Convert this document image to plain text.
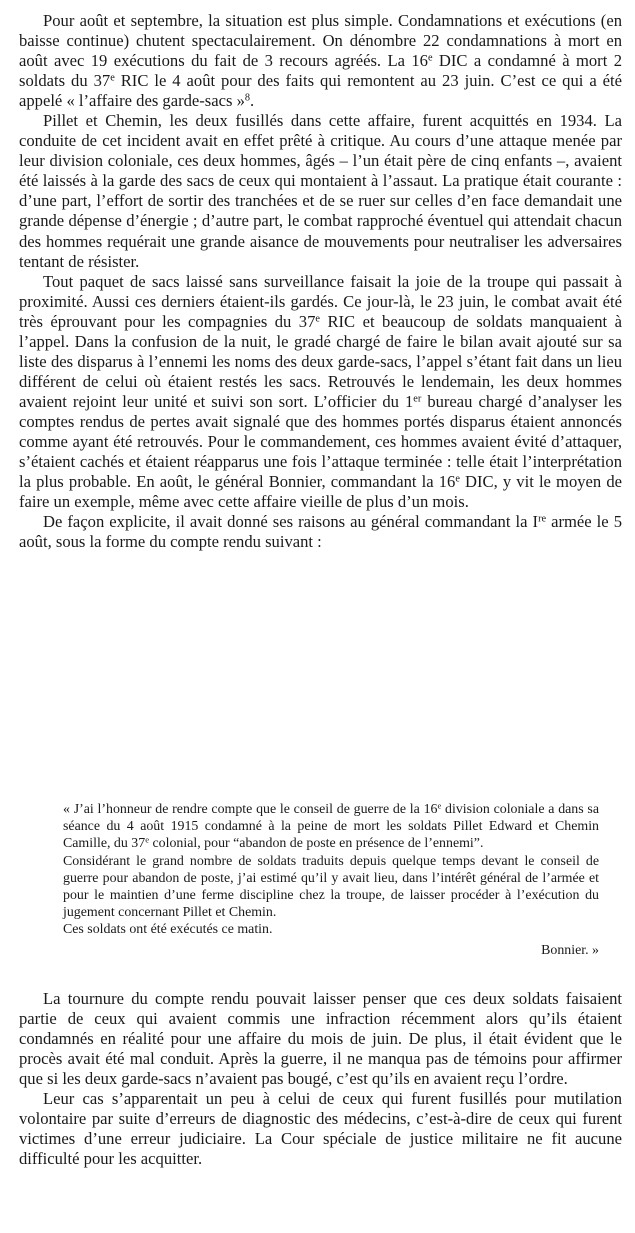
Pour août et septembre, la situation est plus simple. Condamnations et exécutions (en baisse continue) chutent spectaculairement. On dénombre 22 condamnations à mort en août avec 19 exécutions du fait de 3 recours agréés. La 16e DIC a condamné à mort 2 soldats du 37e RIC le 4 août pour des faits qui remontent au 23 juin. C’est ce qui a été appelé « l’affaire des garde-sacs »$^8$.

Pillet et Chemin, les deux fusillés dans cette affaire, furent acquittés en 1934. La conduite de cet incident avait en effet prêté à critique. Au cours d’une attaque menée par leur division coloniale, ces deux hommes, âgés – l’un était père de cinq enfants –, avaient été laissés à la garde des sacs de ceux qui montaient à l’assaut. La pratique était courante : d’une part, l’effort de sortir des tranchées et de se ruer sur celles d’en face demandait une grande dépense d’énergie ; d’autre part, le combat rapproché éventuel qui attendait chacun des hommes requérait une grande aisance de mouvements pour neutraliser les adversaires tentant de résister.

Tout paquet de sacs laissé sans surveillance faisait la joie de la troupe qui passait à proximité. Aussi ces derniers étaient-ils gardés. Ce jour-là, le 23 juin, le combat avait été très éprouvant pour les compagnies du 37e RIC et beaucoup de soldats manquaient à l’appel. Dans la confusion de la nuit, le gradé chargé de faire le bilan avait ajouté sur sa liste des disparus à l’ennemi les noms des deux garde-sacs, l’appel s’étant fait dans un lieu différent de celui où étaient restés les sacs. Retrouvés le lendemain, les deux hommes avaient rejoint leur unité et suivi son sort. L’officier du 1er bureau chargé d’analyser les comptes rendus de pertes avait signalé que des hommes portés disparus étaient annoncés comme ayant été retrouvés. Pour le commandement, ces hommes avaient évité d’attaquer, s’étaient cachés et étaient réapparus une fois l’attaque terminée : telle était l’interprétation la plus probable. En août, le général Bonnier, commandant la 16e DIC, y vit le moyen de faire un exemple, même avec cette affaire vieille de plus d’un mois.

De façon explicite, il avait donné ses raisons au général commandant la Ire armée le 5 août, sous la forme du compte rendu suivant :

« J’ai l’honneur de rendre compte que le conseil de guerre de la 16e division coloniale a dans sa séance du 4 août 1915 condamné à la peine de mort les soldats Pillet Edward et Chemin Camille, du 37e colonial, pour “abandon de poste en présence de l’ennemi”.

Considérant le grand nombre de soldats traduits depuis quelque temps devant le conseil de guerre pour abandon de poste, j’ai estimé qu’il y avait lieu, dans l’intérêt général de l’armée et pour le maintien d’une ferme discipline chez la troupe, de laisser procéder à l’exécution du jugement concernant Pillet et Chemin.

Ces soldats ont été exécutés ce matin.

Bonnier. »

La tournure du compte rendu pouvait laisser penser que ces deux soldats faisaient partie de ceux qui avaient commis une infraction récemment alors qu’ils étaient condamnés en réalité pour une affaire du mois de juin. De plus, il était évident que le procès avait été mal conduit. Après la guerre, il ne manqua pas de témoins pour affirmer que si les deux garde-sacs n’avaient pas bougé, c’est qu’ils en avaient reçu l’ordre.

Leur cas s’apparentait un peu à celui de ceux qui furent fusillés pour mutilation volontaire par suite d’erreurs de diagnostic des médecins, c’est-à-dire de ceux qui furent victimes d’une erreur judiciaire. La Cour spéciale de justice militaire ne fit aucune difficulté pour les acquitter.
